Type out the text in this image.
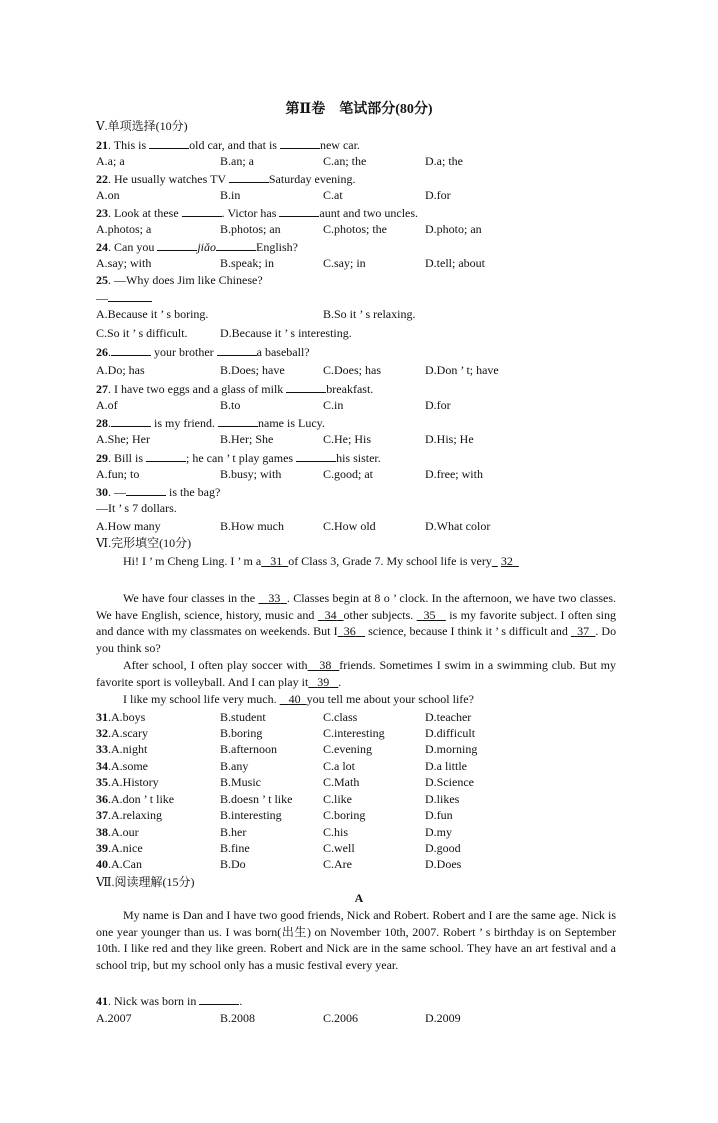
第Ⅱ卷　笔试部分(80分)
Ⅴ.单项选择(10分)
21. This is	old car, and that is	new car.
A.a; a	B.an; a	C.an; the	D.a; the
22. He usually watches TV	Saturday evening.
A.on	B.in	C.at	D.for
23. Look at these	. Victor has	aunt and two uncles.
A.photos; a	B.photos; an	C.photos; the	D.photo; an
24. Can you	jiǎo	English?
A.say; with	B.speak; in	C.say; in	D.tell; about
25. —Why does Jim like Chinese?
—
A.Because it ’ s boring.	B.So it ’ s relaxing.
C.So it ’ s difficult.	D.Because it ’ s interesting.
26.	your brother	a baseball?
A.Do; has	B.Does; have	C.Does; has	D.Don ’ t; have
27. I have two eggs and a glass of milk	breakfast.
A.of	B.to	C.in	D.for
28.	is my friend.	name is Lucy.
A.She; Her	B.Her; She	C.He; His	D.His; He
29. Bill is	; he can ’ t play games	his sister.
A.fun; to	B.busy; with	C.good; at	D.free; with
30. —	is the bag?
—It ’ s 7 dollars.
A.How many	B.How much	C.How old	D.What color
Ⅵ.完形填空(10分)
Hi! I ’ m Cheng Ling. I ’ m a 31 of Class 3, Grade 7. My school life is very 32
We have four classes in the 33 . Classes begin at 8 o ’ clock. In the afternoon, we have two classes. We have English, science, history, music and 34 other subjects. 35 is my favorite subject. I often sing and dance with my classmates on weekends. But I 36 science, because I think it ’ s difficult and 37 . Do you think so?
After school, I often play soccer with 38 friends. Sometimes I swim in a swimming club. But my favorite sport is volleyball. And I can play it 39 .
I like my school life very much. 40 you tell me about your school life?
31. A.boys	B.student	C.class	D.teacher
32. A.scary	B.boring	C.interesting	D.difficult
33. A.night	B.afternoon	C.evening	D.morning
34. A.some	B.any	C.a lot	D.a little
35. A.History	B.Music	C.Math	D.Science
36. A.don ’ t like	B.doesn ’ t like	C.like	D.likes
37. A.relaxing	B.interesting	C.boring	D.fun
38. A.our	B.her	C.his	D.my
39. A.nice	B.fine	C.well	D.good
40. A.Can	B.Do	C.Are	D.Does
Ⅶ.阅读理解(15分)
A
My name is Dan and I have two good friends, Nick and Robert. Robert and I are the same age. Nick is one year younger than us. I was born(出生) on November 10th, 2007. Robert ’ s birthday is on September 10th. I like red and they like green. Robert and Nick are in the same school. They have an art festival and a school trip, but my school only has a music festival every year.
41. Nick was born in	.
A.2007	B.2008	C.2006	D.2009
